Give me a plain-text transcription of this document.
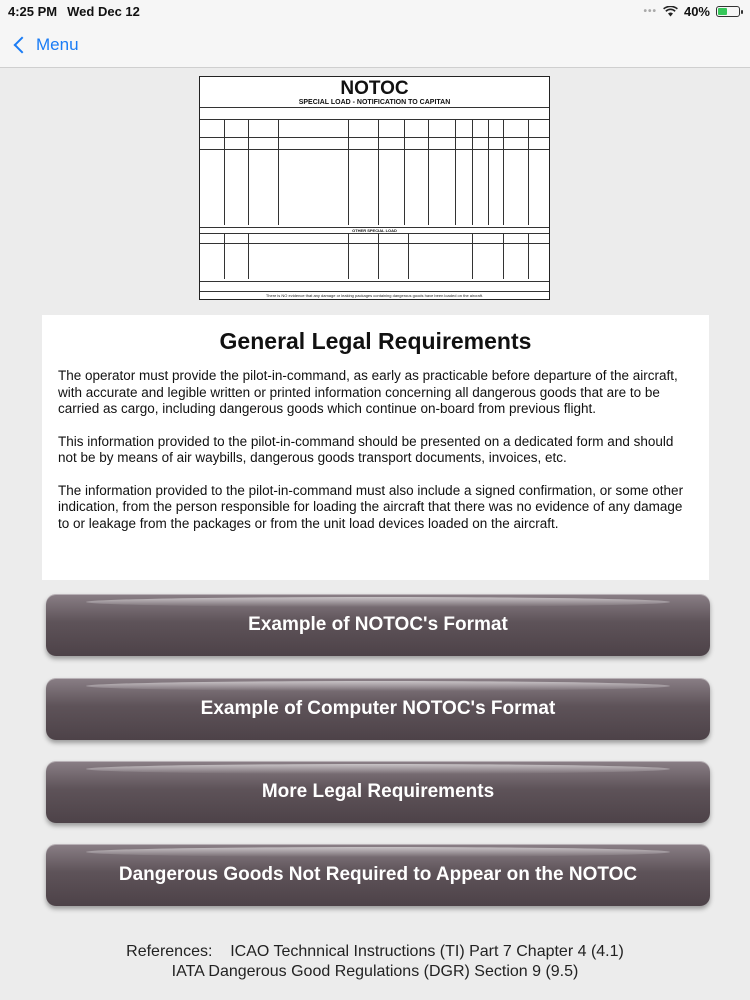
4:25 PM Wed Dec 12	••• 40%
Menu
NOTOC
SPECIAL LOAD - NOTIFICATION TO CAPITAN
OTHER SPECIAL LOAD
There is NO evidence that any damage or leaking packages containing dangerous goods have been loaded on the aircraft.
General Legal Requirements

The operator must provide the pilot-in-command, as early as practicable before departure of the aircraft, with accurate and legible written or printed information concerning all dangerous goods that are to be carried as cargo, including dangerous goods which continue on-board from previous flight.

This information provided to the pilot-in-command should be presented on a dedicated form and should not be by means of air waybills, dangerous goods transport documents, invoices, etc.

The information provided to the pilot-in-command must also include a signed confirmation, or some other indication, from the person responsible for loading the aircraft that there was no evidence of any damage to or leakage from the packages or from the unit load devices loaded on the aircraft.

Example of NOTOC's Format
Example of Computer NOTOC's Format
More Legal Requirements
Dangerous Goods Not Required to Appear on the NOTOC
References:    ICAO Technnical Instructions (TI) Part 7 Chapter 4 (4.1)
IATA Dangerous Good Regulations (DGR) Section 9 (9.5)
